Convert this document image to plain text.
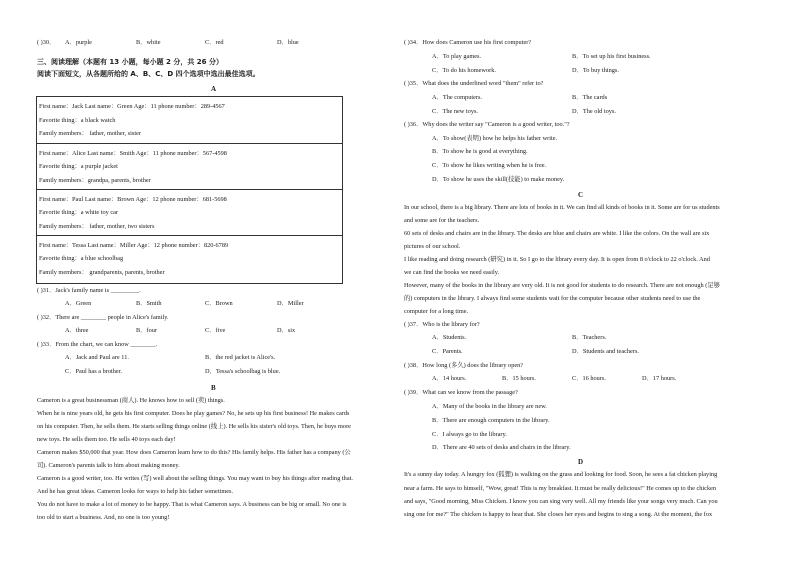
( )30． A．purple	B．white	C．red	D．blue
三、阅读理解（本题有 13 小题，每小题 2 分，共 26 分）
阅读下面短文，从各题所给的 A、B、C、D 四个选项中选出最佳选项。
A
First name：Jack Last name：Green Age：11 phone number：289-4567
Favorite thing：a black watch
Family members： father, mother, sister
First name：Alice Last name：Smith Age：11 phone number：567-4598
Favorite thing：a purple jacket
Family members：grandpa, parents, brother
First name：Paul Last name：Brown Age：12 phone number：681-5698
Favorite thing：a white toy car
Family members： father, mother, two sisters
First name：Tessa Last name：Miller Age：12 phone number：820-6789
Favorite thing：a blue schoolbag
Family members： grandparents, parents, brother
( )31．Jack's family name is _________.
A．Green	B．Smith	C．Brown	D．Miller
( )32．There are ________ people in Alice's family.
A．three	B．four	C．five	D．six
( )33．From the chart, we can know ________.
A．Jack and Paul are 11.	B．the red jacket is Alice's.
C．Paul has a brother.	D．Tessa's schoolbag is blue.
B
Cameron is a great businessman (商人). He knows how to sell (卖) things.
When he is nine years old, he gets his first computer. Does he play games? No, he sets up his first business! He makes cards
on his computer. Then, he sells them. He starts selling things online (线上). He sells his sister's old toys. Then, he buys more
new toys. He sells them too. He sells 40 toys each day!
Cameron makes $50,000 that year. How does Cameron learn how to do this? His family helps. His father has a company (公
司). Cameron's parents talk to him about making money.
Cameron is a good writer, too. He writes (写) well about the selling things. You may want to buy his things after reading that.
And he has great ideas. Cameron looks for ways to help his father sometimes.
You do not have to make a lot of money to be happy. That is what Cameron says. A business can be big or small. No one is
too old to start a business. And, no one is too young!
( )34．How does Cameron use his first computer?
A．To play games.	B．To set up his first business.
C．To do his homework.	D．To buy things.
( )35．What does the underlined word "them" refer to?
A．The computers.	B．The cards
C．The new toys.	D．The old toys.
( )36．Why does the writer say "Cameron is a good writer, too."?
A．To show(表明) how he helps his father write.
B．To show he is good at everything.
C．To show he likes writing when he is free.
D．To show he uses the skill(技能) to make money.
C
In our school, there is a big library. There are lots of books in it. We can find all kinds of books in it. Some are for us students
and some are for the teachers.
60 sets of desks and chairs are in the library. The desks are blue and chairs are white. I like the colors. On the wall are six
pictures of our school.
I like reading and doing research (研究) in it. So I go to the library every day. It is open from 8 o'clock to 22 o'clock. And
we can find the books we need easily.
However, many of the books in the library are very old. It is not good for students to do research. There are not enough (足够
的) computers in the library. I always find some students wait for the computer because other students need to use the
computer for a long time.
( )37．Who is the library for?
A．Students.	B．Teachers.
C．Parents.	D．Students and teachers.
( )38．How long (多久) does the library open?
A．14 hours.	B．15 hours.	C．16 hours.	D．17 hours.
( )39．What can we know from the passage?
A．Many of the books in the library are new.
B．There are enough computers in the library.
C．I always go to the library.
D．There are 40 sets of desks and chairs in the library.
D
It's a sunny day today. A hungry fox (狐狸) is walking on the grass and looking for food. Soon, he sees a fat chicken playing
near a farm. He says to himself, "Wow, great! This is my breakfast. It must be really delicious!" He comes up to the chicken
and says, "Good morning, Miss Chicken. I know you can sing very well. All my friends like your songs very much. Can you
sing one for me?" The chicken is happy to hear that. She closes her eyes and begins to sing a song. At the moment, the fox
